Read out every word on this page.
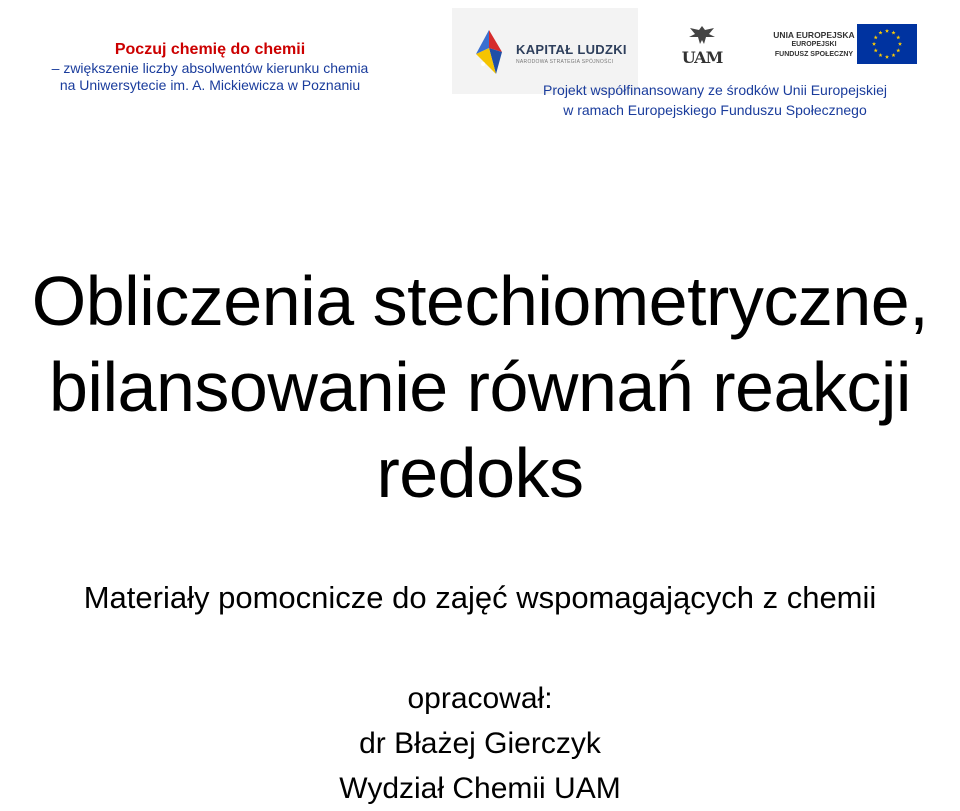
Poczuj chemię do chemii
– zwiększenie liczby absolwentów kierunku chemia
na Uniwersytecie im. A. Mickiewicza w Poznaniu
KAPITAŁ LUDZKI
NARODOWA STRATEGIA SPÓJNOŚCI	UAM
UNIA EUROPEJSKA
EUROPEJSKI
FUNDUSZ SPOŁECZNY
Projekt współfinansowany ze środków Unii Europejskiej
w ramach Europejskiego Funduszu Społecznego
Obliczenia stechiometryczne,
bilansowanie równań reakcji
redoks
Materiały pomocnicze do zajęć wspomagających z chemii
opracował:
dr Błażej Gierczyk
Wydział Chemii UAM
